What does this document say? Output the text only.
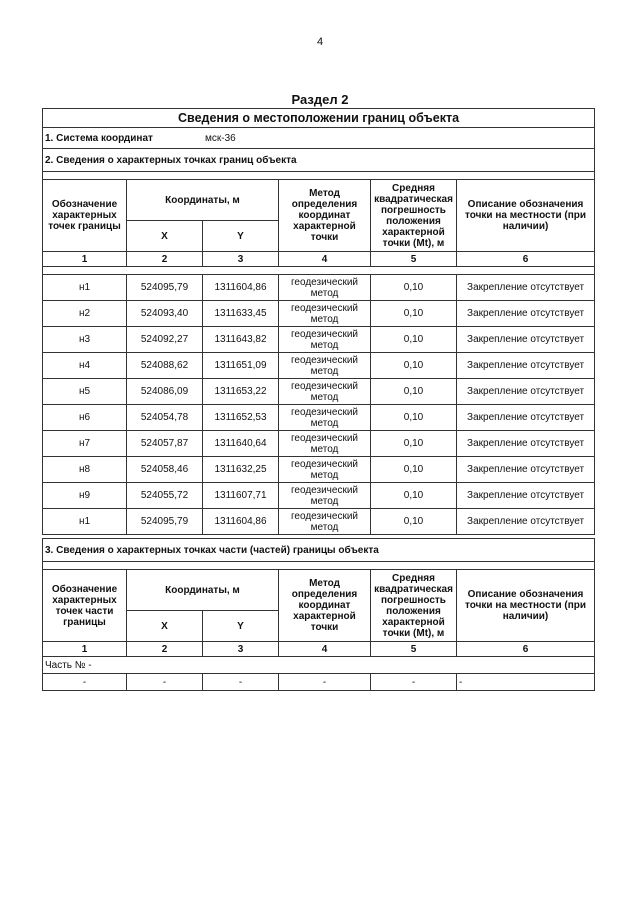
4
Раздел 2
Сведения о местоположении границ объекта					
1. Система координат мск-36					
2. Сведения о характерных точках границ объекта					

Обозначение характерных точек границы	Координаты, м		Метод определения координат характерной точки	Средняя квадратическая погрешность положения характерной точки (Mt), м	Описание обозначения точки на местности (при наличии)
	X	Y			
1	2	3	4	5	6

н1	524095,79	1311604,86	геодезический метод	0,10	Закрепление отсутствует
н2	524093,40	1311633,45	геодезический метод	0,10	Закрепление отсутствует
н3	524092,27	1311643,82	геодезический метод	0,10	Закрепление отсутствует
н4	524088,62	1311651,09	геодезический метод	0,10	Закрепление отсутствует
н5	524086,09	1311653,22	геодезический метод	0,10	Закрепление отсутствует
н6	524054,78	1311652,53	геодезический метод	0,10	Закрепление отсутствует
н7	524057,87	1311640,64	геодезический метод	0,10	Закрепление отсутствует
н8	524058,46	1311632,25	геодезический метод	0,10	Закрепление отсутствует
н9	524055,72	1311607,71	геодезический метод	0,10	Закрепление отсутствует
н1	524095,79	1311604,86	геодезический метод	0,10	Закрепление отсутствует
3. Сведения о характерных точках части (частей) границы объекта					

Обозначение характерных точек части границы	Координаты, м		Метод определения координат характерной точки	Средняя квадратическая погрешность положения характерной точки (Mt), м	Описание обозначения точки на местности (при наличии)
	X	Y			
1	2	3	4	5	6
Часть № -					
-	-	-	-	-	-
